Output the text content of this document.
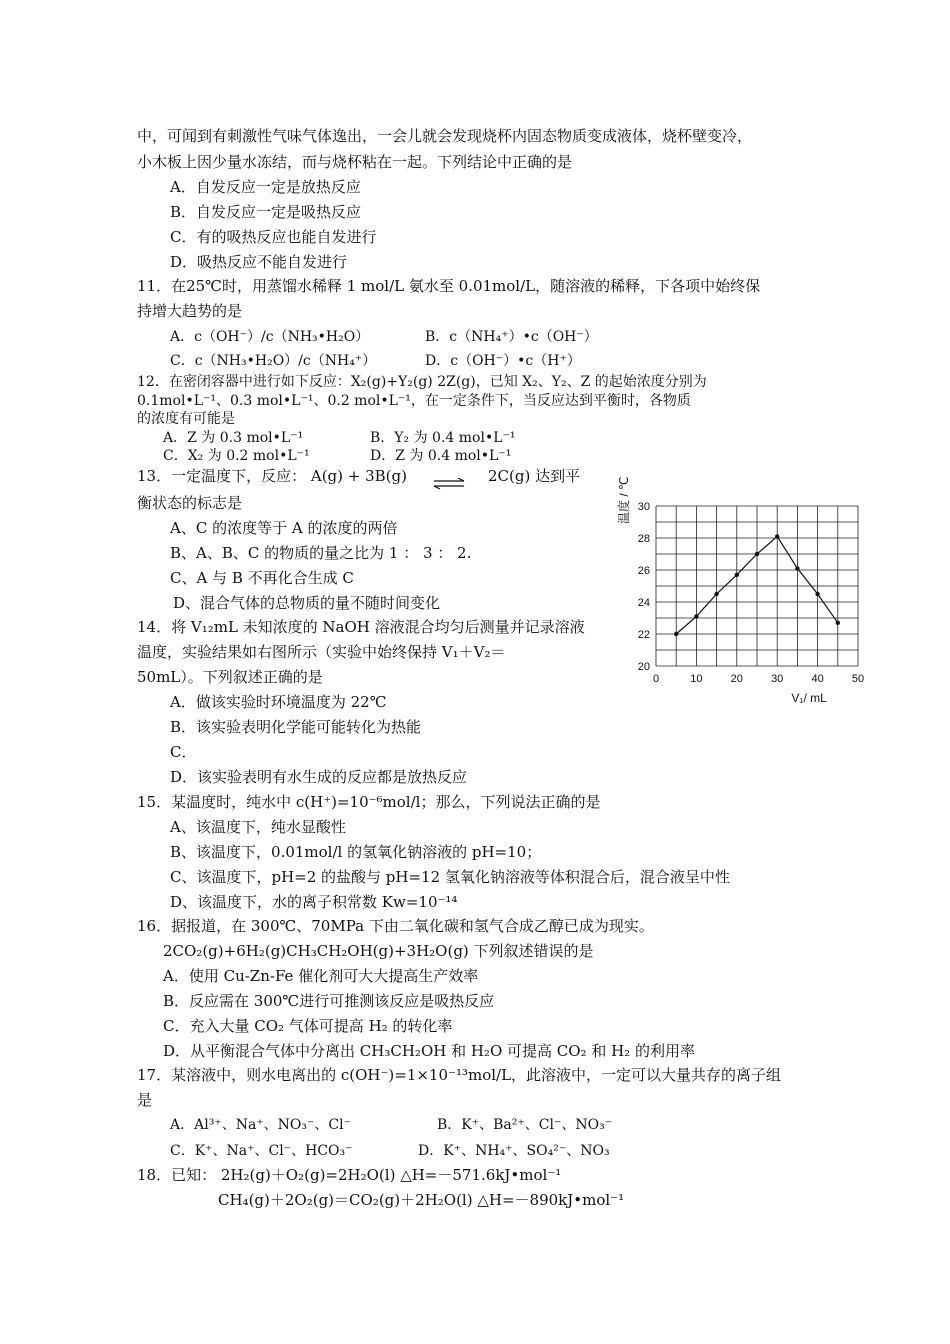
中，可闻到有刺激性气味气体逸出，一会儿就会发现烧杯内固态物质变成液体，烧杯壁变冷，
小木板上因少量水冻结，而与烧杯粘在一起。下列结论中正确的是
A．自发反应一定是放热反应
B．自发反应一定是吸热反应
C．有的吸热反应也能自发进行
D．吸热反应不能自发进行
11．在25℃时，用蒸馏水稀释 1 mol/L 氨水至 0.01mol/L，随溶液的稀释，下各项中始终保
持增大趋势的是
A．c（OH⁻）/c（NH₃•H₂O）	B．c（NH₄⁺）•c（OH⁻）
C．c（NH₃•H₂O）/c（NH₄⁺）	D．c（OH⁻）•c（H⁺）
12．在密闭容器中进行如下反应：X₂(g)+Y₂(g) 2Z(g)，已知 X₂、Y₂、Z 的起始浓度分别为
0.1mol•L⁻¹、0.3 mol•L⁻¹、0.2 mol•L⁻¹，在一定条件下，当反应达到平衡时，各物质
的浓度有可能是
A．Z 为 0.3 mol•L⁻¹	B．Y₂ 为 0.4 mol•L⁻¹
C．X₂ 为 0.2 mol•L⁻¹	D．Z 为 0.4 mol•L⁻¹
13．一定温度下，反应： A(g) + 3B(g) ⇌ 2C(g) 达到平
衡状态的标志是
A、C 的浓度等于 A 的浓度的两倍
B、A、B、C 的物质的量之比为 1 ： 3 ： 2.
C、A 与 B 不再化合生成 C
D、混合气体的总物质的量不随时间变化
14．将 V₁₂mL 未知浓度的 NaOH 溶液混合均匀后测量并记录溶液
温度，实验结果如右图所示（实验中始终保持 V₁＋V₂＝
50mL）。下列叙述正确的是
A．做该实验时环境温度为 22℃
B．该实验表明化学能可能转化为热能
C．
D．该实验表明有水生成的反应都是放热反应
0	10	20	30	40	50
20
22
24
26
28
30
温度 / ℃
V₁/ mL
15．某温度时，纯水中 c(H⁺)=10⁻⁶mol/l；那么，下列说法正确的是
A、该温度下，纯水显酸性
B、该温度下，0.01mol/l 的氢氧化钠溶液的 pH=10；
C、该温度下，pH=2 的盐酸与 pH=12 氢氧化钠溶液等体积混合后，混合液呈中性
D、该温度下，水的离子积常数 Kw=10⁻¹⁴
16．据报道，在 300℃、70MPa 下由二氧化碳和氢气合成乙醇已成为现实。
2CO₂(g)+6H₂(g)CH₃CH₂OH(g)+3H₂O(g) 下列叙述错误的是
A．使用 Cu-Zn-Fe 催化剂可大大提高生产效率
B．反应需在 300℃进行可推测该反应是吸热反应
C．充入大量 CO₂ 气体可提高 H₂ 的转化率
D．从平衡混合气体中分离出 CH₃CH₂OH 和 H₂O 可提高 CO₂ 和 H₂ 的利用率
17．某溶液中，则水电离出的 c(OH⁻)=1×10⁻¹³mol/L，此溶液中，一定可以大量共存的离子组
是
A．Al³⁺、Na⁺、NO₃⁻、Cl⁻	B．K⁺、Ba²⁺、Cl⁻、NO₃⁻
C．K⁺、Na⁺、Cl⁻、HCO₃⁻	D．K⁺、NH₄⁺、SO₄²⁻、NO₃
18．已知： 2H₂(g)＋O₂(g)=2H₂O(l) △H=－571.6kJ•mol⁻¹
CH₄(g)＋2O₂(g)＝CO₂(g)＋2H₂O(l) △H=－890kJ•mol⁻¹
